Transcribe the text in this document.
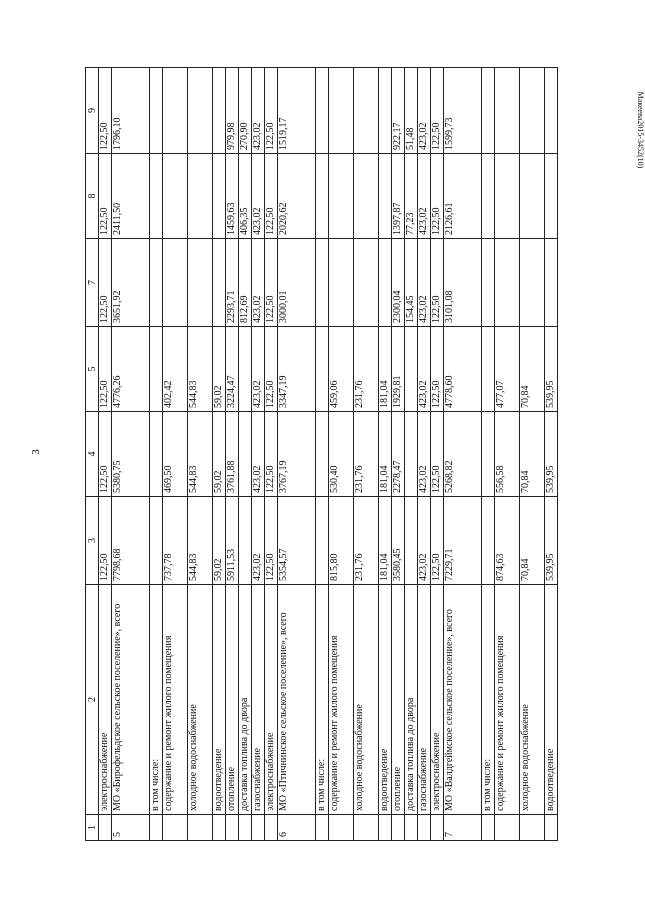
3
Макеева2015-3452(10)
1	2	3	4	5	7	8	9
	электроснабжение	122,50	122,50	122,50	122,50	122,50	122,50
5	МО «Бирофельдское сельское поселение», всего	7798,68	5380,75	4776,26	3651,92	2411,50	1796,10
	в том числе:						
	содержание и ремонт жилого помещения	737,78	469,50	402,42			
	холодное водоснабжение	544,83	544,83	544,83			
	водоотведение	59,02	59,02	59,02			
	отопление	5911,53	3761,88	3224,47	2293,71	1459,63	979,98
	доставка топлива до двора				812,69	406,35	270,90
	газоснабжение	423,02	423,02	423,02	423,02	423,02	423,02
	электроснабжение	122,50	122,50	122,50	122,50	122,50	122,50
6	МО «Птичнинское сельское поселение», всего	5354,57	3767,19	3347,19	3000,01	2020,62	1519,17
	в том числе:						
	содержание и ремонт жилого помещения	815,80	530,40	459,06			
	холодное водоснабжение	231,76	231,76	231,76			
	водоотведение	181,04	181,04	181,04			
	отопление	3580,45	2278,47	1929,81	2300,04	1397,87	922,17
	доставка топлива до двора				154,45	77,23	51,48
	газоснабжение	423,02	423,02	423,02	423,02	423,02	423,02
	электроснабжение	122,50	122,50	122,50	122,50	122,50	122,50
7	МО «Валдгеймское сельское поселение», всего	7229,71	5268,82	4778,60	3101,08	2126,61	1599,73
	в том числе:						
	содержание и ремонт жилого помещения	874,63	556,58	477,07			
	холодное водоснабжение	70,84	70,84	70,84			
	водоотведение	539,95	539,95	539,95			
